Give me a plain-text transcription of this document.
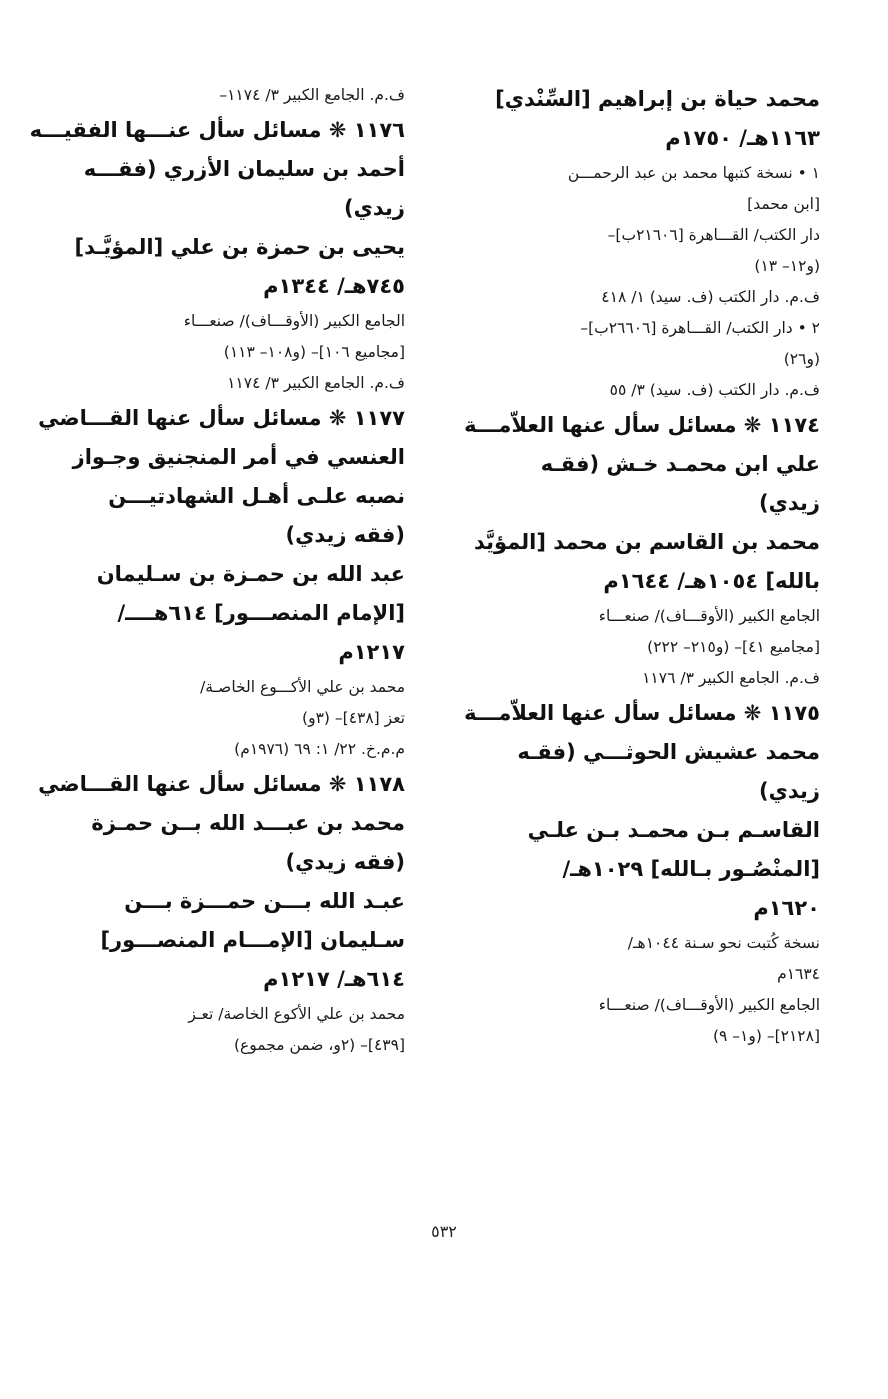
محمد حياة بن إبراهيم [السِّنْدي]
١١٦٣هـ/ ١٧٥٠م
١ • نسخة كتبها محمد بن عبد الرحمـــن
[ابن محمد]
دار الكتب/ القـــاهرة [٢١٦٠٦ب]–
(و١٢– ١٣)
ف.م. دار الكتب (ف. سيد) ١/ ٤١٨
٢ • دار الكتب/ القـــاهرة [٢٦٦٠٦ب]–
(و٢٦)
ف.م. دار الكتب (ف. سيد) ٣/ ٥٥
١١٧٤ ❋ مسائل سأل عنها العلاّمـــة
علي ابن محمـد خـش (فقـه
زيدي)
محمد بن القاسم بن محمد [المؤيَّد
بالله] ١٠٥٤هـ/ ١٦٤٤م
الجامع الكبير (الأوقـــاف)/ صنعـــاء
[مجاميع ٤١]– (و٢١٥– ٢٢٢)
ف.م. الجامع الكبير ٣/ ١١٧٦
١١٧٥ ❋ مسائل سأل عنها العلاّمـــة
محمد عشيش الحوثـــي (فقـه
زيدي)
القاسـم بـن محمـد بـن علـي
[المنْصُـور بـالله] ١٠٢٩هـ/
١٦٢٠م
نسخة كُتبت نحو سـنة ١٠٤٤هـ/
١٦٣٤م
الجامع الكبير (الأوقـــاف)/ صنعـــاء
[٢١٢٨]– (و١– ٩)
ف.م. الجامع الكبير ٣/ ١١٧٤–
١١٧٦ ❋ مسائل سأل عنـــها الفقيـــه
أحمد بن سليمان الأزري (فقـــه
زيدي)
يحيى بن حمزة بن علي [المؤيَّـد]
٧٤٥هـ/ ١٣٤٤م
الجامع الكبير (الأوقـــاف)/ صنعـــاء
[مجاميع ١٠٦]– (و١٠٨– ١١٣)
ف.م. الجامع الكبير ٣/ ١١٧٤
١١٧٧ ❋ مسائل سأل عنها القـــاضي
العنسي في أمر المنجنيق وجـواز
نصبه علـى أهـل الشهادتيـــن
(فقه زيدي)
عبد الله بن حمـزة بن سـليمان
[الإمام المنصـــور] ٦١٤هــــ/
١٢١٧م
محمد بن علي الأكـــوع الخاصـة/
تعز [٤٣٨]– (٣و)
م.م.خ. ٢٢/ ١: ٦٩ (١٩٧٦م)
١١٧٨ ❋ مسائل سأل عنها القـــاضي
محمد بن عبـــد الله بــن حمـزة
(فقه زيدي)
عبـد الله بـــن حمـــزة بـــن
سـليمان [الإمـــام المنصـــور]
٦١٤هـ/ ١٢١٧م
محمد بن علي الأكوع الخاصة/ تعـز
[٤٣٩]– (٢و، ضمن مجموع)
٥٣٢
